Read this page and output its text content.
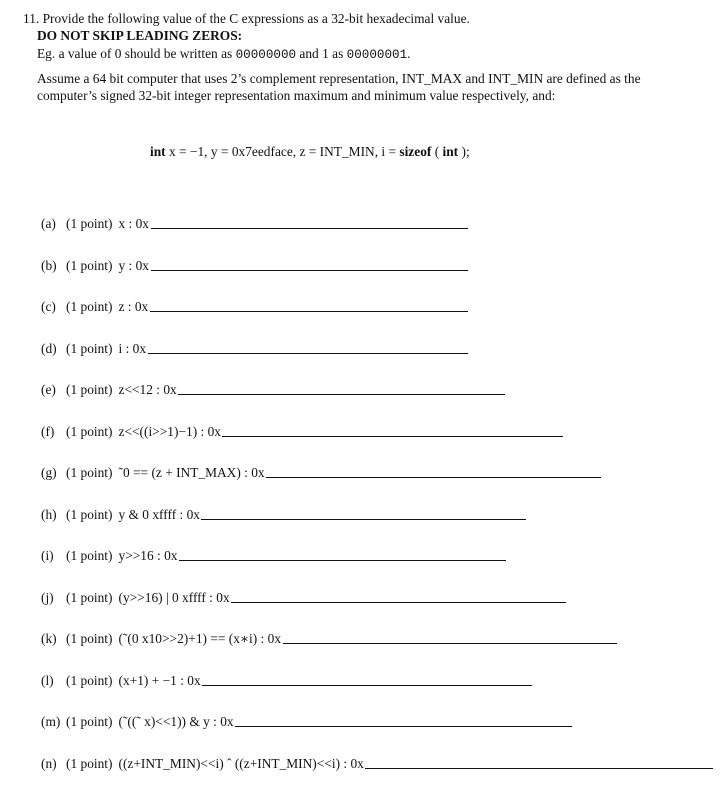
11. Provide the following value of the C expressions as a 32-bit hexadecimal value.
DO NOT SKIP LEADING ZEROS:
Eg. a value of 0 should be written as 00000000 and 1 as 00000001.
Assume a 64 bit computer that uses 2’s complement representation, INT_MAX and INT_MIN are defined as the computer’s signed 32-bit integer representation maximum and minimum value respectively, and:
int x = −1, y = 0x7eedface, z = INT_MIN, i = sizeof ( int );
(a) (1 point) x : 0x
(b) (1 point) y : 0x
(c) (1 point) z : 0x
(d) (1 point) i : 0x
(e) (1 point) z<<12 : 0x
(f) (1 point) z<<((i>>1)−1) : 0x
(g) (1 point) ˜0 == (z + INT_MAX) : 0x
(h) (1 point) y & 0 xffff : 0x
(i) (1 point) y>>16 : 0x
(j) (1 point) (y>>16) | 0 xffff : 0x
(k) (1 point) (˜(0 x10>>2)+1) == (x∗i) : 0x
(l) (1 point) (x+1) + −1 : 0x
(m) (1 point) (˜((˜ x)<<1)) & y : 0x
(n) (1 point) ((z+INT_MIN)<<i) ˆ ((z+INT_MIN)<<i) : 0x
